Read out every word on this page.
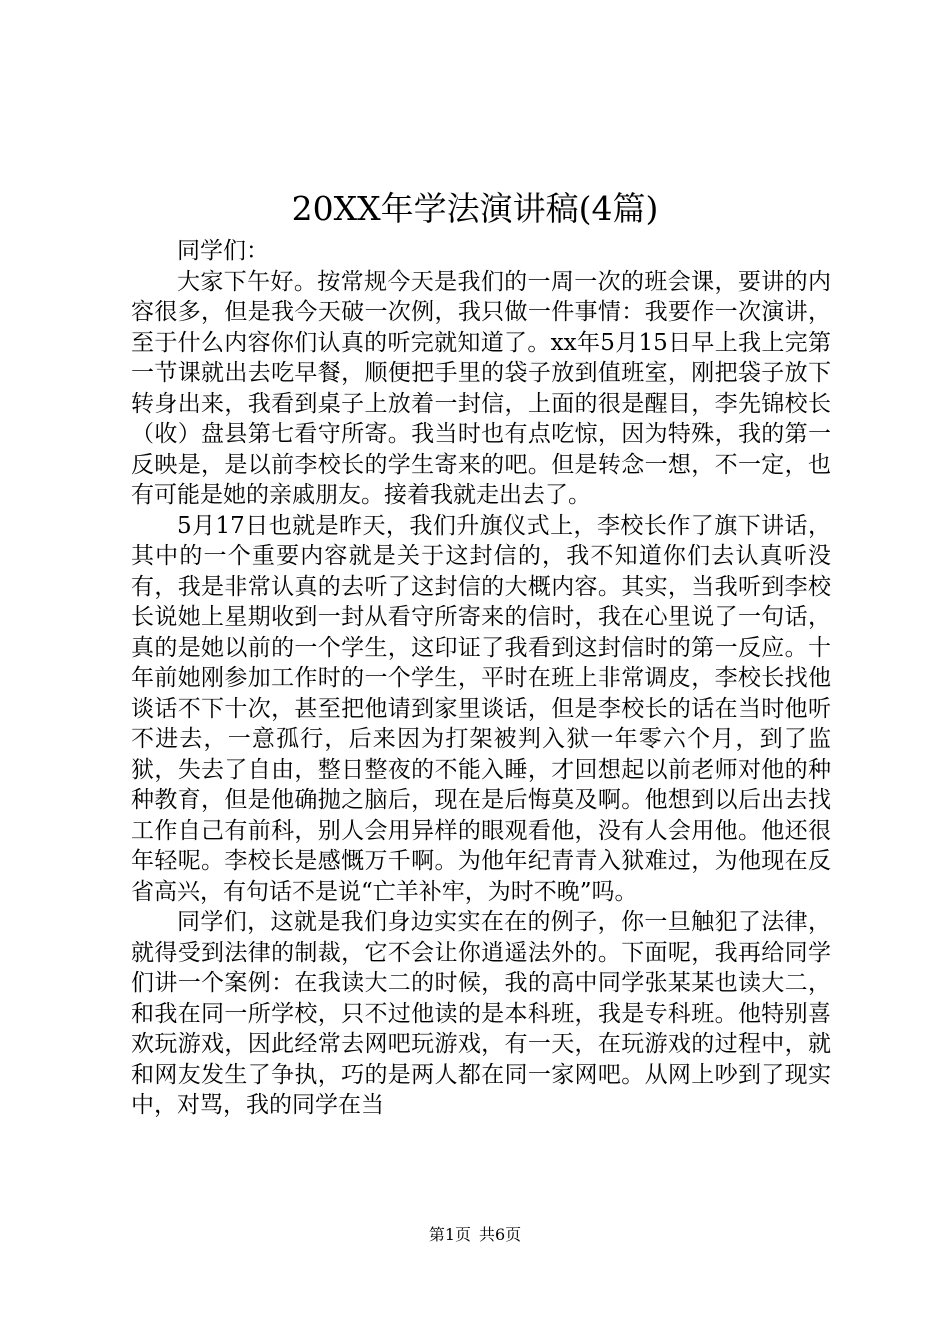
20XX年学法演讲稿(4篇)

同学们：

大家下午好。按常规今天是我们的一周一次的班会课，要讲的内容很多，但是我今天破一次例，我只做一件事情：我要作一次演讲，至于什么内容你们认真的听完就知道了。xx年5月15日早上我上完第一节课就出去吃早餐，顺便把手里的袋子放到值班室，刚把袋子放下转身出来，我看到桌子上放着一封信，上面的很是醒目，李先锦校长（收）盘县第七看守所寄。我当时也有点吃惊，因为特殊，我的第一反映是，是以前李校长的学生寄来的吧。但是转念一想，不一定，也有可能是她的亲戚朋友。接着我就走出去了。

5月17日也就是昨天，我们升旗仪式上，李校长作了旗下讲话，其中的一个重要内容就是关于这封信的，我不知道你们去认真听没有，我是非常认真的去听了这封信的大概内容。其实，当我听到李校长说她上星期收到一封从看守所寄来的信时，我在心里说了一句话，真的是她以前的一个学生，这印证了我看到这封信时的第一反应。十年前她刚参加工作时的一个学生，平时在班上非常调皮，李校长找他谈话不下十次，甚至把他请到家里谈话，但是李校长的话在当时他听不进去，一意孤行，后来因为打架被判入狱一年零六个月，到了监狱，失去了自由，整日整夜的不能入睡，才回想起以前老师对他的种种教育，但是他确抛之脑后，现在是后悔莫及啊。他想到以后出去找工作自己有前科，别人会用异样的眼观看他，没有人会用他。他还很年轻呢。李校长是感慨万千啊。为他年纪青青入狱难过，为他现在反省高兴，有句话不是说“亡羊补牢，为时不晚”吗。

同学们，这就是我们身边实实在在的例子，你一旦触犯了法律，就得受到法律的制裁，它不会让你逍遥法外的。下面呢，我再给同学们讲一个案例：在我读大二的时候，我的高中同学张某某也读大二，和我在同一所学校，只不过他读的是本科班，我是专科班。他特别喜欢玩游戏，因此经常去网吧玩游戏，有一天，在玩游戏的过程中，就和网友发生了争执，巧的是两人都在同一家网吧。从网上吵到了现实中，对骂，我的同学在当

第1页 共6页
